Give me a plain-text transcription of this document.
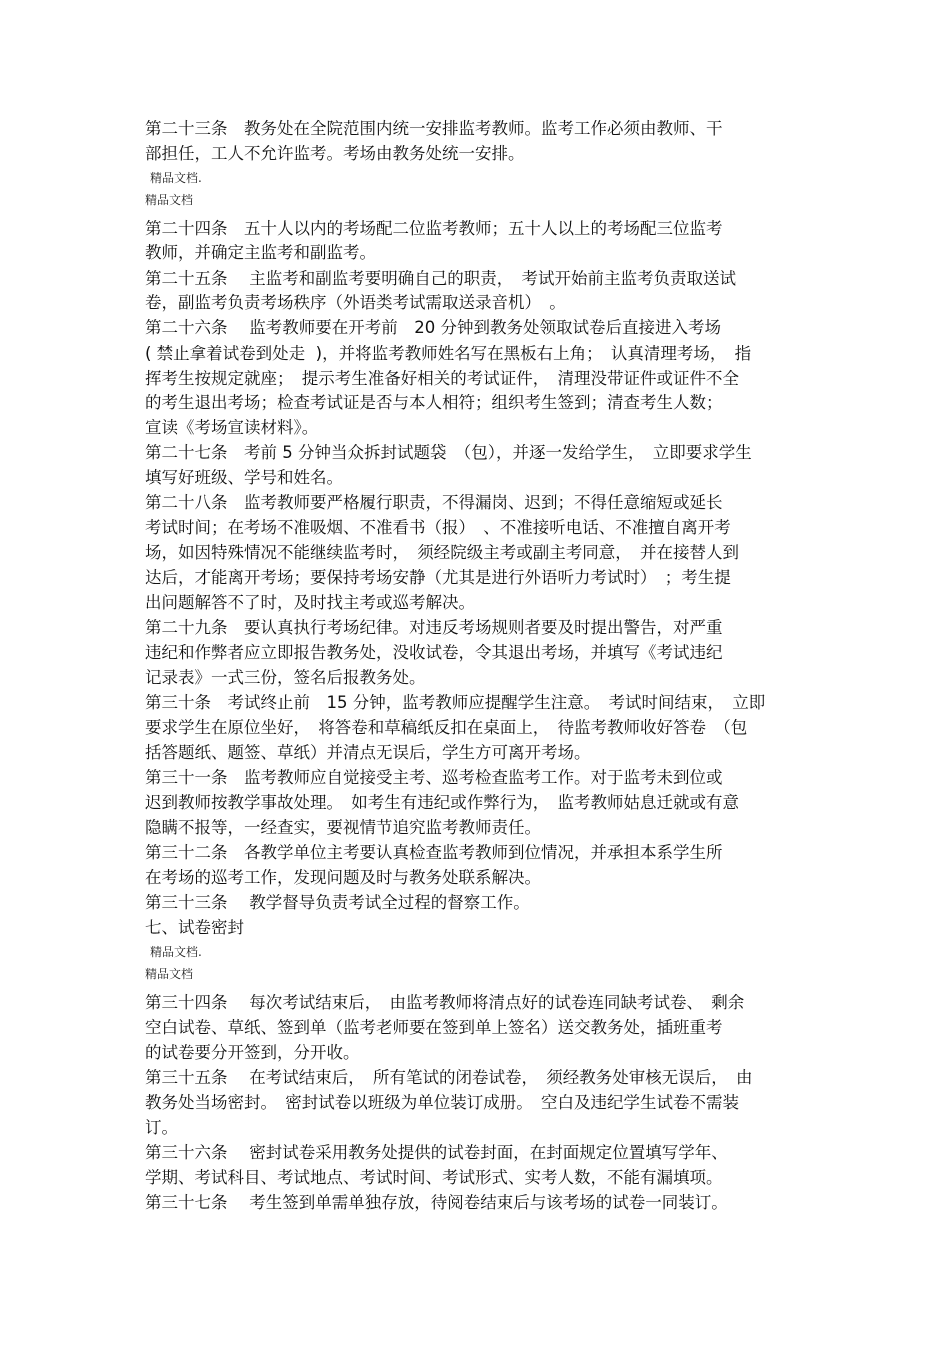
第二十三条　教务处在全院范围内统一安排监考教师。监考工作必须由教师、干
部担任，工人不允许监考。考场由教务处统一安排。
精品文档.
精品文档
第二十四条　五十人以内的考场配二位监考教师；五十人以上的考场配三位监考
教师，并确定主监考和副监考。
第二十五条　 主监考和副监考要明确自己的职责，　考试开始前主监考负责取送试
卷，副监考负责考场秩序（外语类考试需取送录音机）　。
第二十六条　 监考教师要在开考前　20 分钟到教务处领取试卷后直接进入考场
( 禁止拿着试卷到处走  )，并将监考教师姓名写在黑板右上角；　认真清理考场，　指
挥考生按规定就座；　提示考生准备好相关的考试证件，　清理没带证件或证件不全
的考生退出考场；检查考试证是否与本人相符；组织考生签到；清查考生人数；
宣读《考场宣读材料》。
第二十七条　考前 5 分钟当众拆封试题袋　（包），并逐一发给学生，　立即要求学生
填写好班级、学号和姓名。
第二十八条　监考教师要严格履行职责，不得漏岗、迟到；不得任意缩短或延长
考试时间；在考场不准吸烟、不准看书（报）　、不准接听电话、不准擅自离开考
场，如因特殊情况不能继续监考时，　须经院级主考或副主考同意，　并在接替人到
达后，才能离开考场；要保持考场安静（尤其是进行外语听力考试时）　；考生提
出问题解答不了时，及时找主考或巡考解决。
第二十九条　要认真执行考场纪律。对违反考场规则者要及时提出警告，对严重
违纪和作弊者应立即报告教务处，没收试卷，令其退出考场，并填写《考试违纪
记录表》一式三份，签名后报教务处。
第三十条　考试终止前　15 分钟，监考教师应提醒学生注意。　考试时间结束，　立即
要求学生在原位坐好，　将答卷和草稿纸反扣在桌面上，　待监考教师收好答卷　（包
括答题纸、题签、草纸）并清点无误后，学生方可离开考场。
第三十一条　监考教师应自觉接受主考、巡考检查监考工作。对于监考未到位或
迟到教师按教学事故处理。　如考生有违纪或作弊行为，　监考教师姑息迁就或有意
隐瞒不报等，一经查实，要视情节追究监考教师责任。
第三十二条　各教学单位主考要认真检查监考教师到位情况，并承担本系学生所
在考场的巡考工作，发现问题及时与教务处联系解决。
第三十三条　 教学督导负责考试全过程的督察工作。
七、试卷密封
精品文档.
精品文档
第三十四条　 每次考试结束后，　由监考教师将清点好的试卷连同缺考试卷、　剩余
空白试卷、草纸、签到单（监考老师要在签到单上签名）送交教务处，插班重考
的试卷要分开签到，分开收。
第三十五条　 在考试结束后，　所有笔试的闭卷试卷，　须经教务处审核无误后，　由
教务处当场密封。　密封试卷以班级为单位装订成册。　空白及违纪学生试卷不需装
订。
第三十六条　 密封试卷采用教务处提供的试卷封面，在封面规定位置填写学年、
学期、考试科目、考试地点、考试时间、考试形式、实考人数，不能有漏填项。
第三十七条　 考生签到单需单独存放，待阅卷结束后与该考场的试卷一同装订。
